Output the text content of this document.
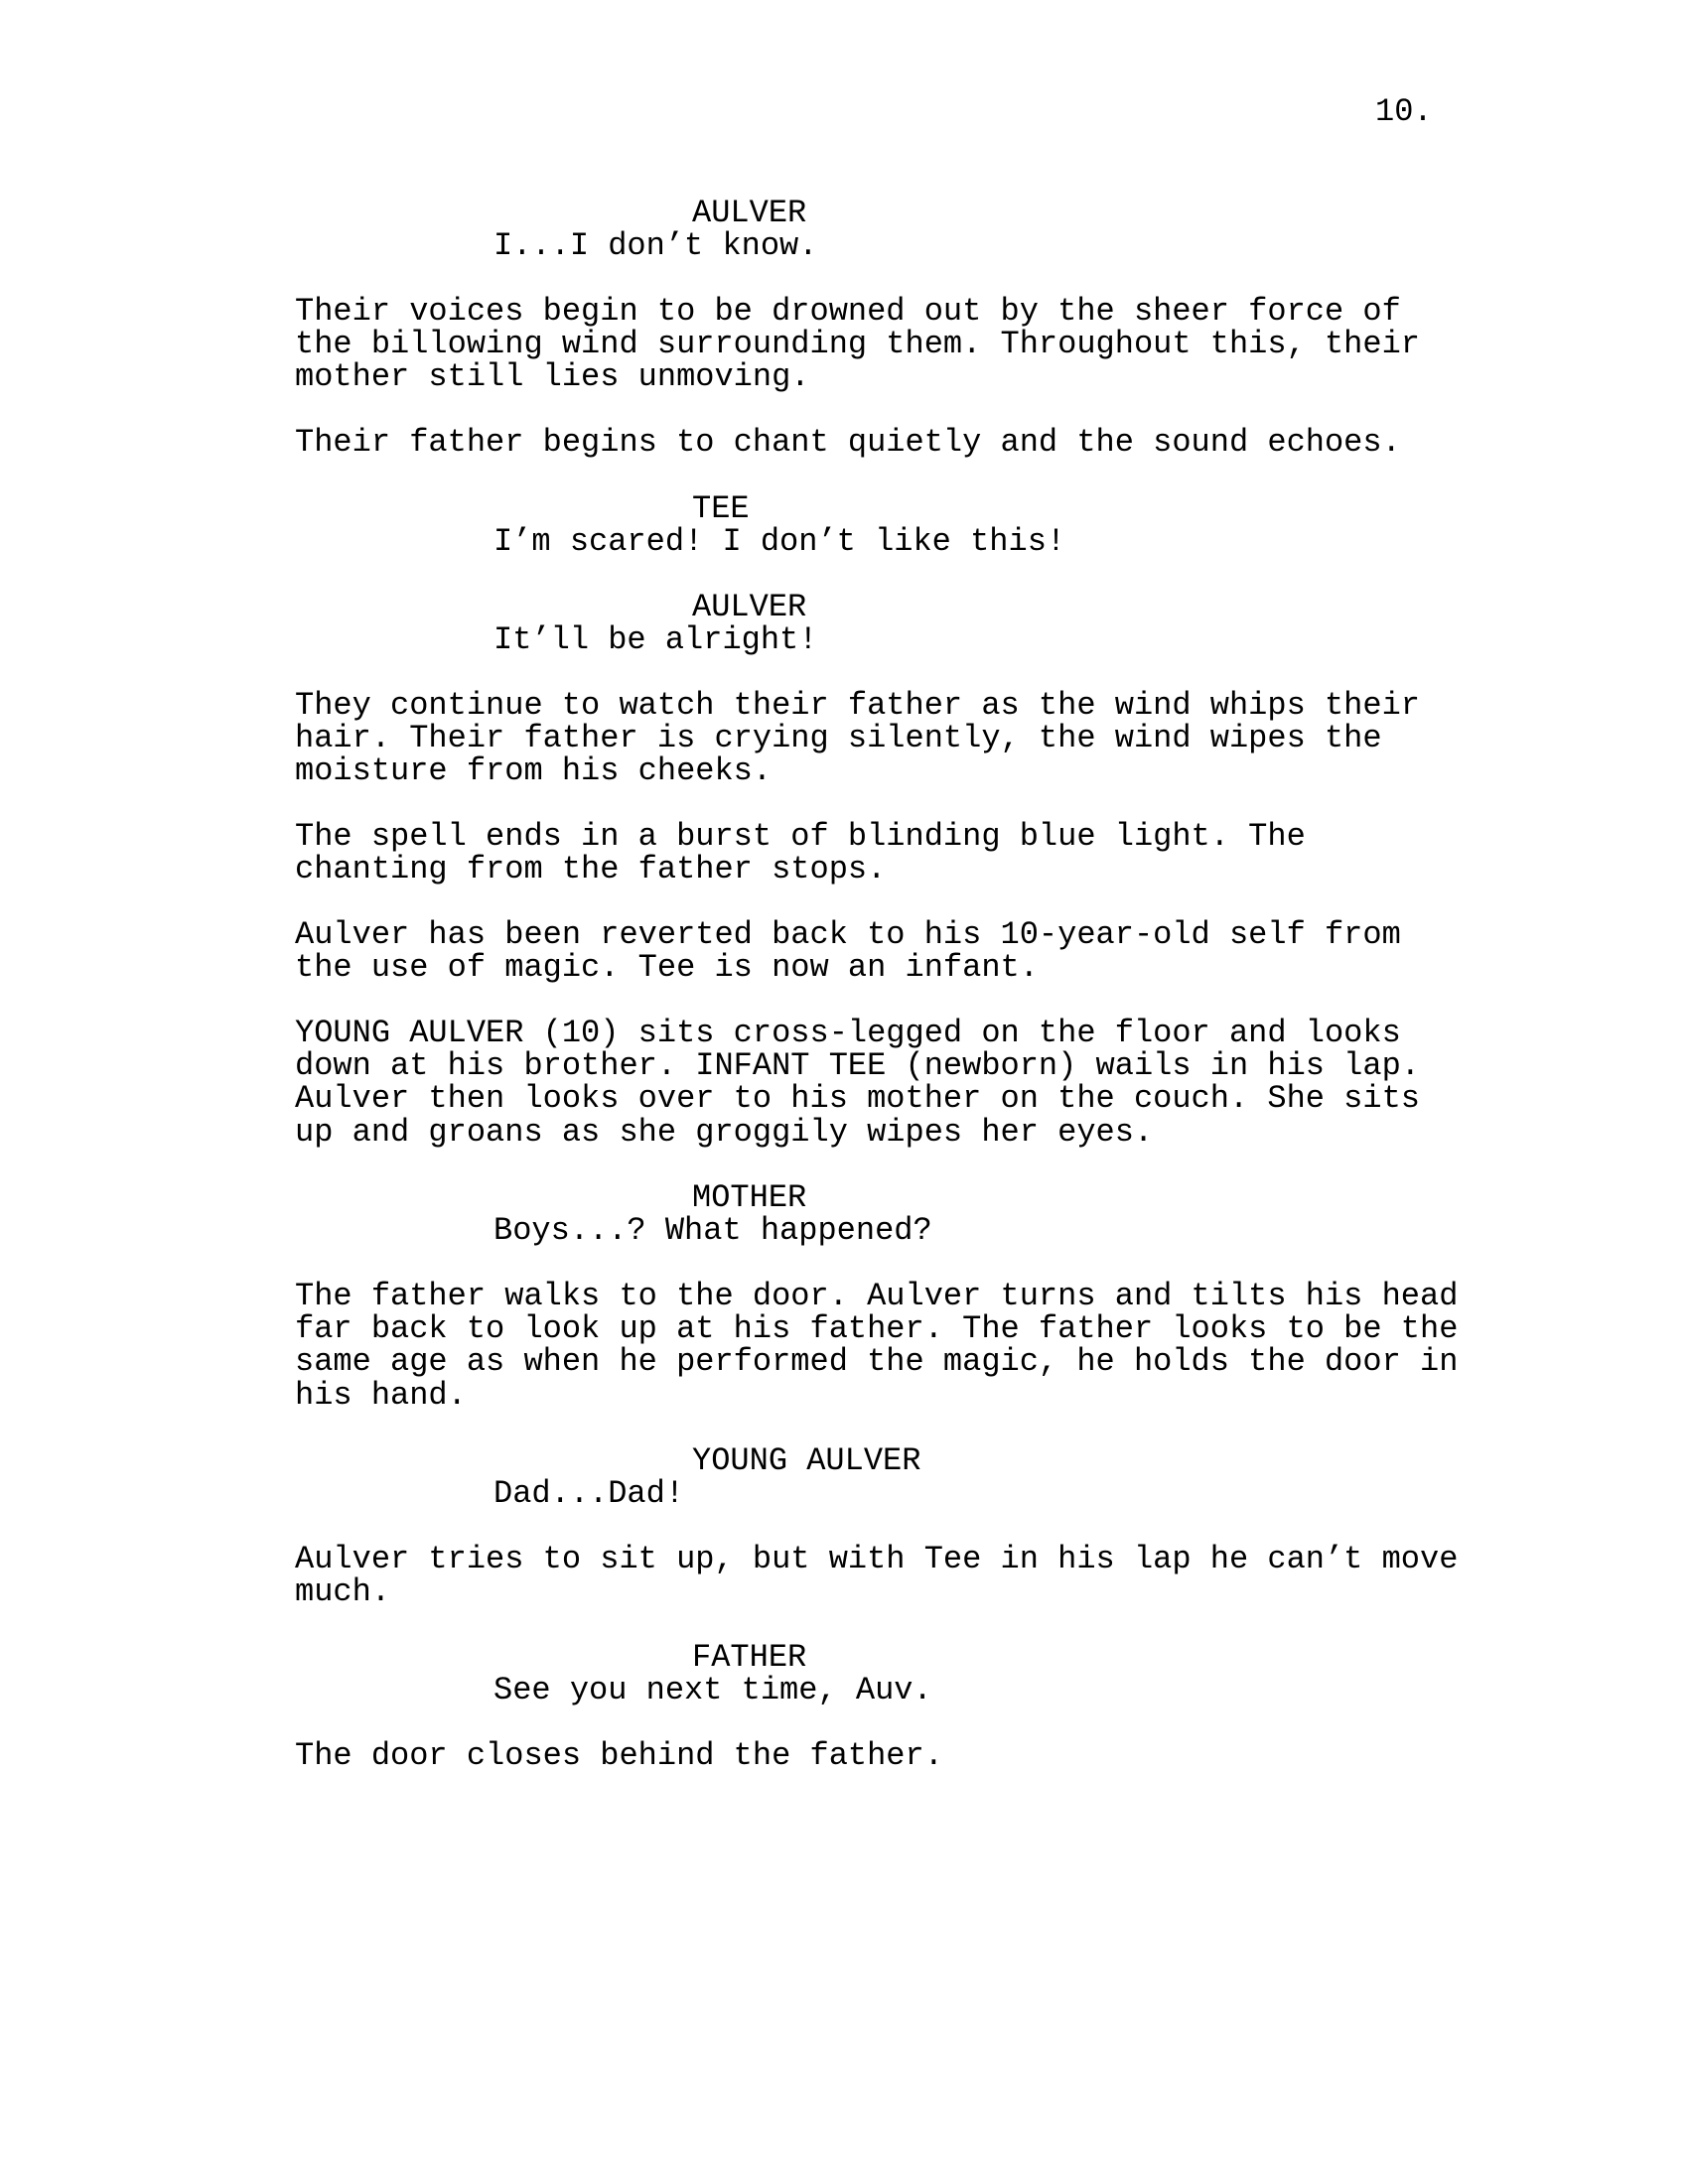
10.
AULVER
I...I don’t know.
Their voices begin to be drowned out by the sheer force of
the billowing wind surrounding them. Throughout this, their
mother still lies unmoving.
Their father begins to chant quietly and the sound echoes.
TEE
I’m scared! I don’t like this!
AULVER
It’ll be alright!
They continue to watch their father as the wind whips their
hair. Their father is crying silently, the wind wipes the
moisture from his cheeks.
The spell ends in a burst of blinding blue light. The
chanting from the father stops.
Aulver has been reverted back to his 10-year-old self from
the use of magic. Tee is now an infant.
YOUNG AULVER (10) sits cross-legged on the floor and looks
down at his brother. INFANT TEE (newborn) wails in his lap.
Aulver then looks over to his mother on the couch. She sits
up and groans as she groggily wipes her eyes.
MOTHER
Boys...? What happened?
The father walks to the door. Aulver turns and tilts his head
far back to look up at his father. The father looks to be the
same age as when he performed the magic, he holds the door in
his hand.
YOUNG AULVER
Dad...Dad!
Aulver tries to sit up, but with Tee in his lap he can’t move
much.
FATHER
See you next time, Auv.
The door closes behind the father.
